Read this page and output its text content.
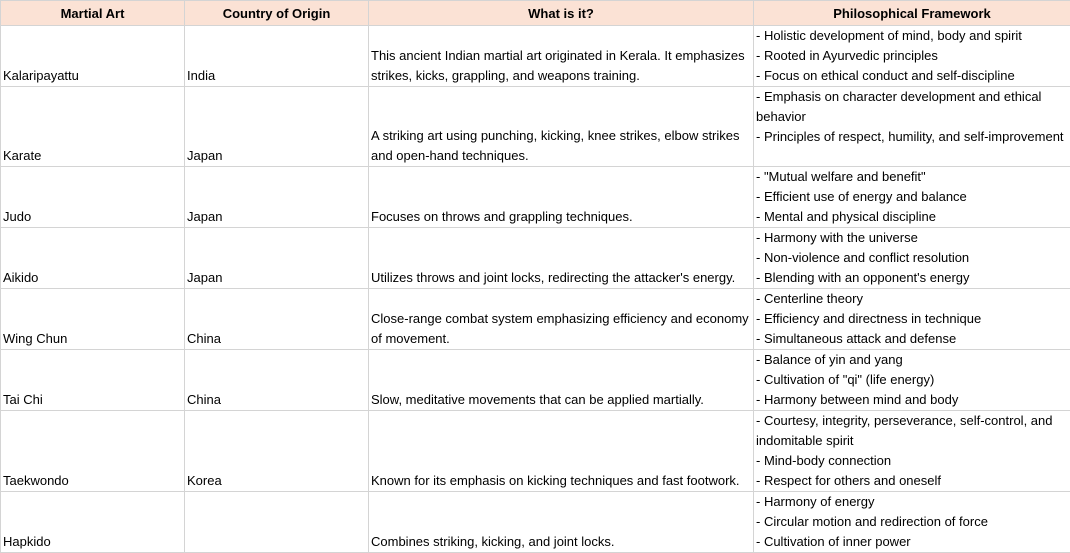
Martial Art	Country of Origin	What is it?	Philosophical Framework
Kalaripayattu	India	This ancient Indian martial art originated in Kerala. It emphasizes strikes, kicks, grappling, and weapons training.	- Holistic development of mind, body and spirit
- Rooted in Ayurvedic principles
- Focus on ethical conduct and self-discipline

Karate	Japan	A striking art using punching, kicking, knee strikes, elbow strikes and open-hand techniques.	- Emphasis on character development and ethical behavior
- Principles of respect, humility, and self-improvement

Judo	Japan	Focuses on throws and grappling techniques.	- "Mutual welfare and benefit"
- Efficient use of energy and balance
- Mental and physical discipline

Aikido	Japan	Utilizes throws and joint locks, redirecting the attacker's energy.	- Harmony with the universe
- Non-violence and conflict resolution
- Blending with an opponent's energy

Wing Chun	China	Close-range combat system emphasizing efficiency and economy of movement.	- Centerline theory
- Efficiency and directness in technique
- Simultaneous attack and defense

Tai Chi	China	Slow, meditative movements that can be applied martially.	- Balance of yin and yang
- Cultivation of "qi" (life energy)
- Harmony between mind and body

Taekwondo	Korea	Known for its emphasis on kicking techniques and fast footwork.	- Courtesy, integrity, perseverance, self-control, and indomitable spirit
- Mind-body connection
- Respect for others and oneself

Hapkido		Combines striking, kicking, and joint locks.	- Harmony of energy
- Circular motion and redirection of force
- Cultivation of inner power
